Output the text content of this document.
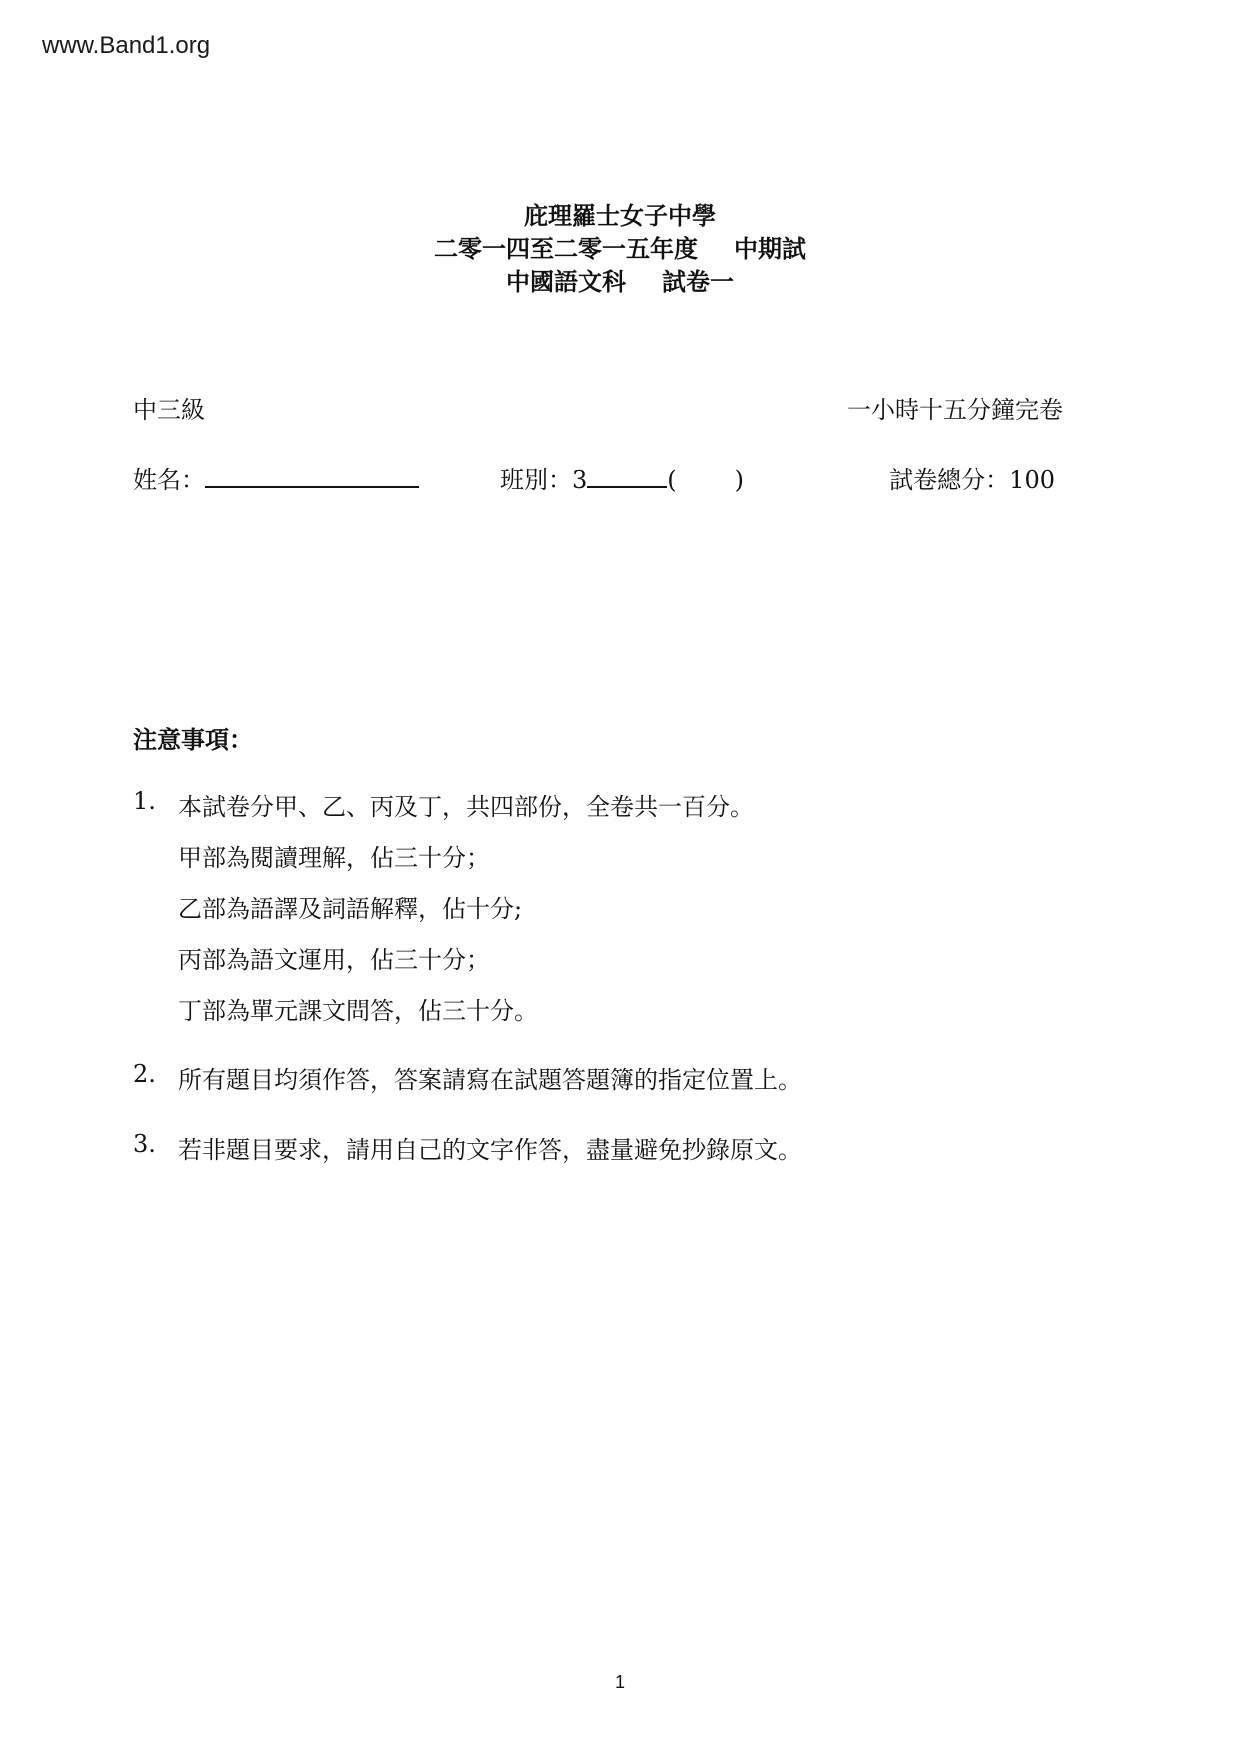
www.Band1.org
庇理羅士女子中學
二零一四至二零一五年度 中期試
中國語文科 試卷一
中三級	一小時十五分鐘完卷
姓名：	班別：3	( )	試卷總分：100
注意事項：
1. 本試卷分甲、乙、丙及丁，共四部份，全卷共一百分。
甲部為閱讀理解，佔三十分；
乙部為語譯及詞語解釋，佔十分;
丙部為語文運用，佔三十分；
丁部為單元課文問答，佔三十分。
2. 所有題目均須作答，答案請寫在試題答題簿的指定位置上。
3. 若非題目要求，請用自己的文字作答，盡量避免抄錄原文。
1
